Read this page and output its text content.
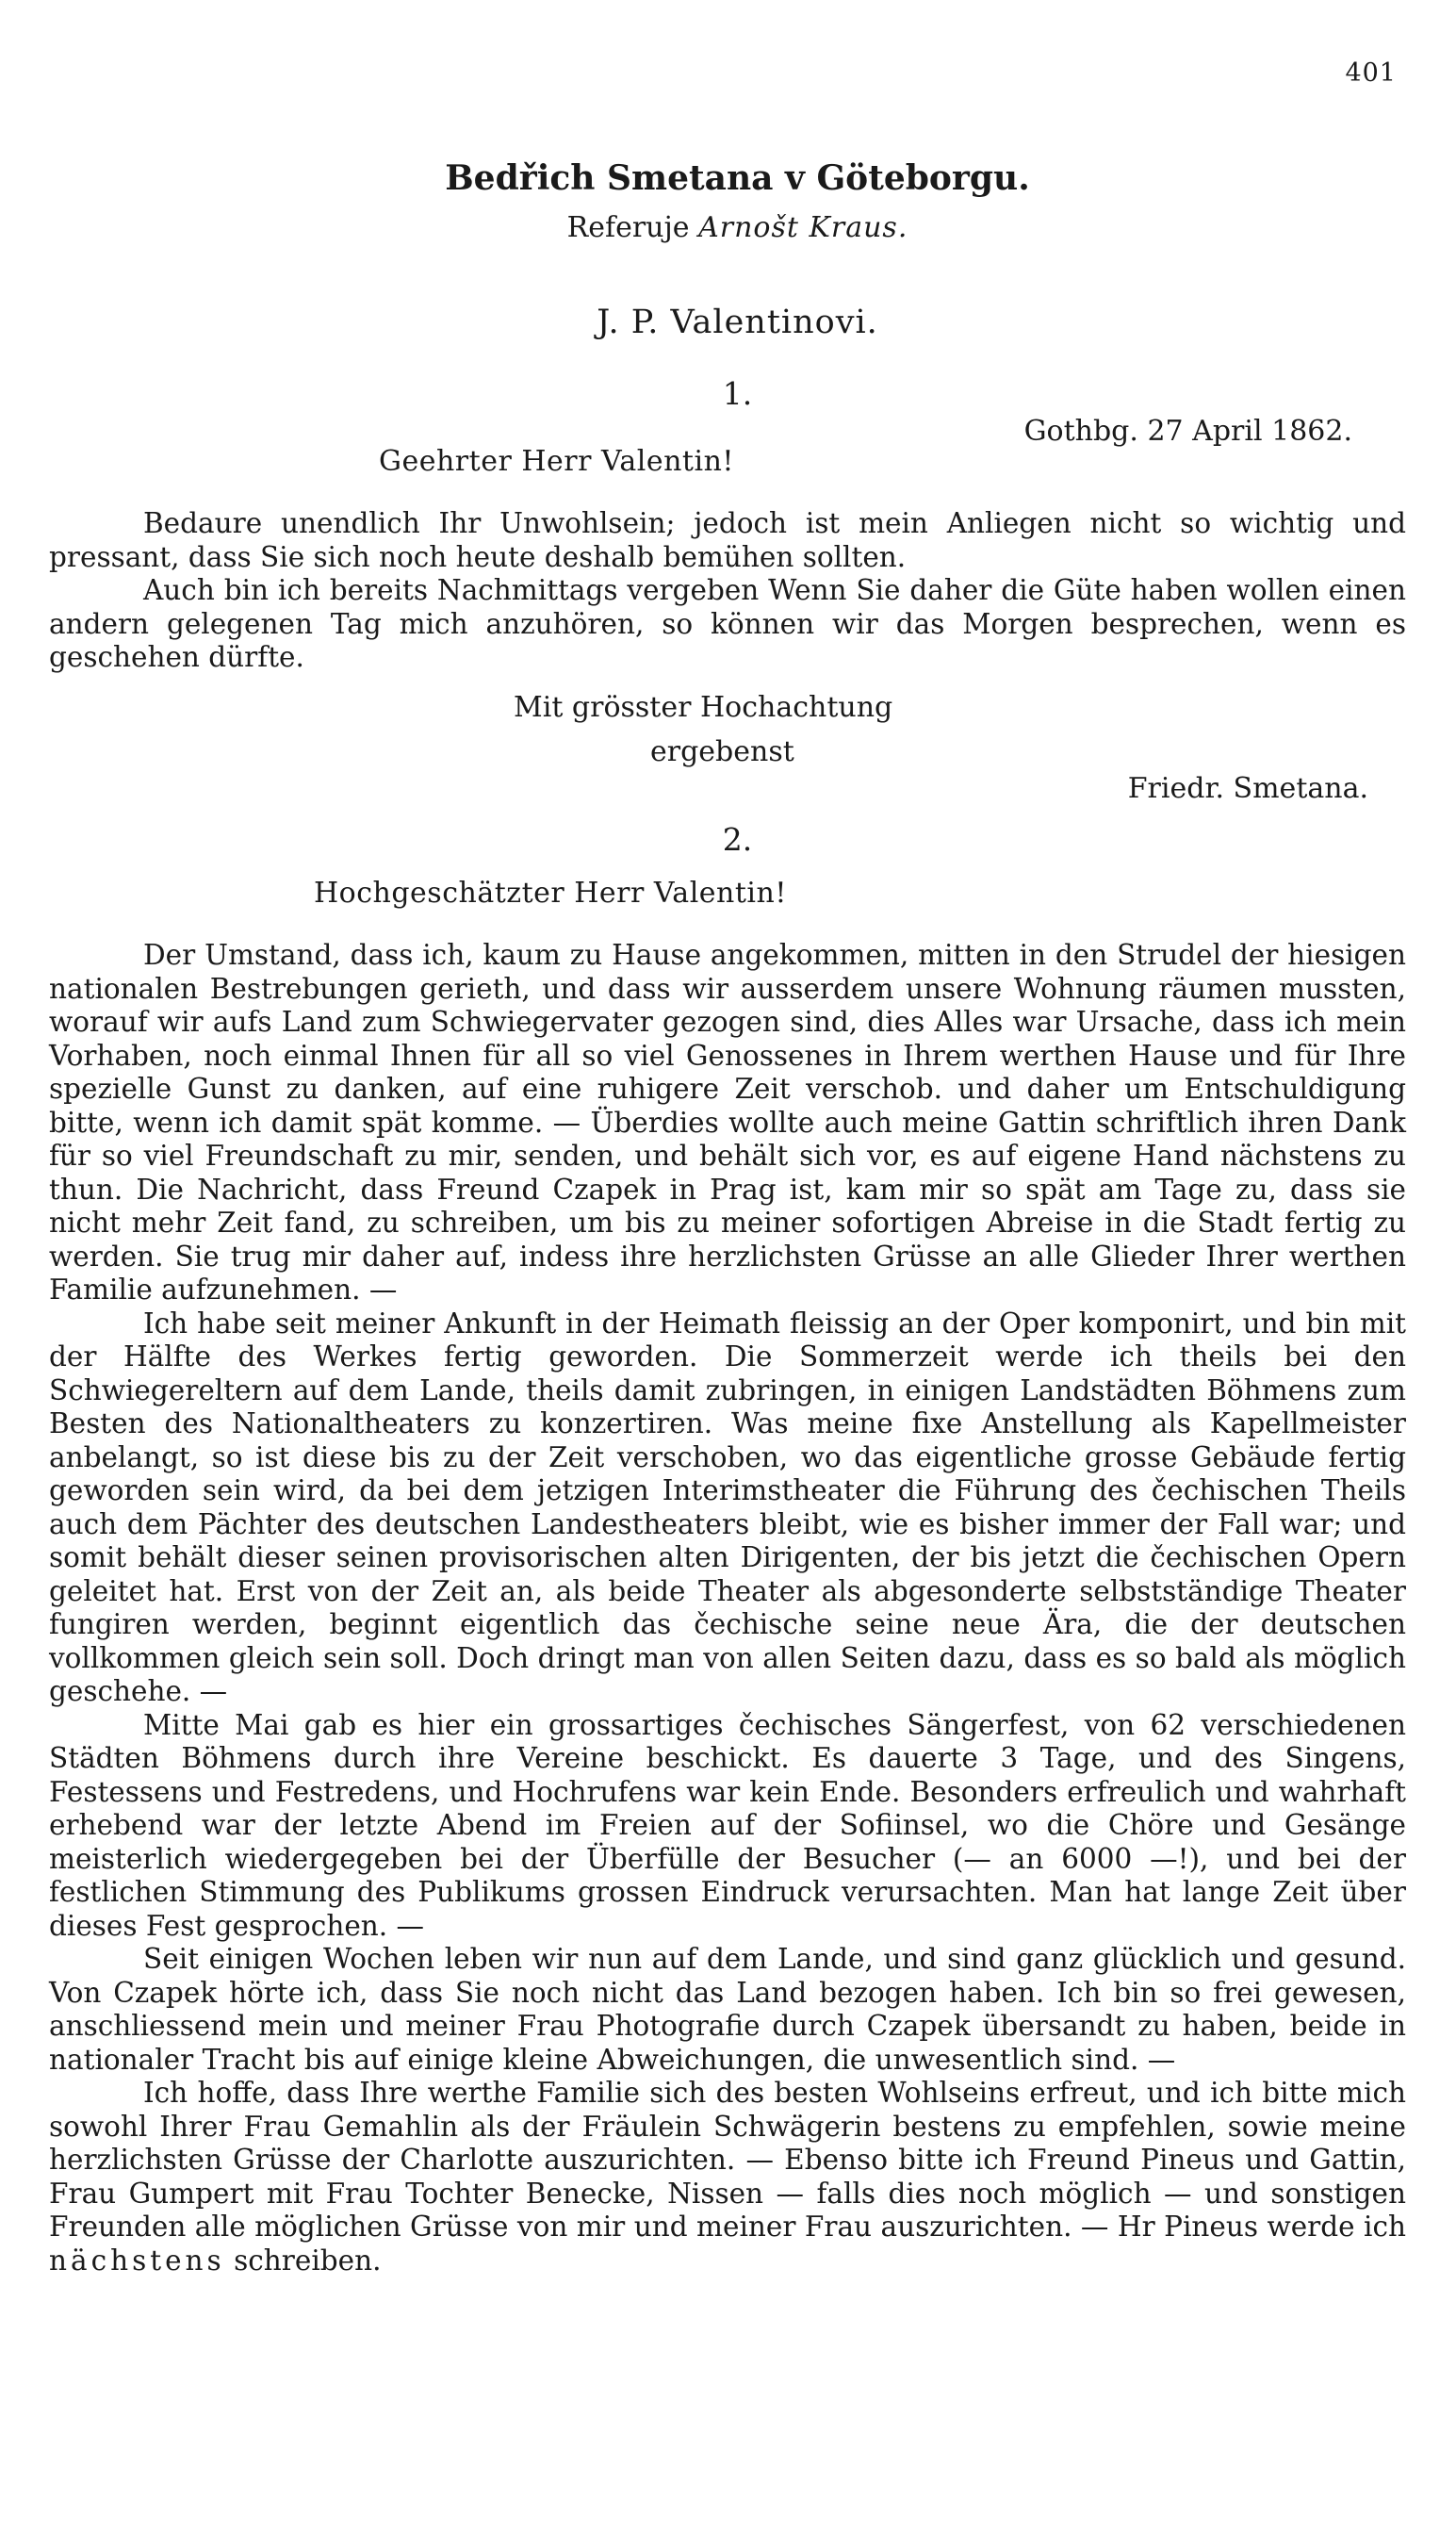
401
Bedřich Smetana v Göteborgu.
Referuje Arnošt Kraus.
J. P. Valentinovi.
1.
Gothbg. 27 April 1862.
Geehrter Herr Valentin!

Bedaure unendlich Ihr Unwohlsein; jedoch ist mein Anliegen nicht so wichtig und pressant, dass Sie sich noch heute deshalb bemühen sollten.

Auch bin ich bereits Nachmittags vergeben Wenn Sie daher die Güte haben wollen einen andern gelegenen Tag mich anzuhören, so können wir das Morgen besprechen, wenn es geschehen dürfte.

Mit grösster Hochachtung
ergebenst
Friedr. Smetana.
2.
Hochgeschätzter Herr Valentin!

Der Umstand, dass ich, kaum zu Hause angekommen, mitten in den Strudel der hiesigen nationalen Bestrebungen gerieth, und dass wir ausserdem unsere Wohnung räumen mussten, worauf wir aufs Land zum Schwiegervater gezogen sind, dies Alles war Ursache, dass ich mein Vorhaben, noch einmal Ihnen für all so viel Genossenes in Ihrem werthen Hause und für Ihre spezielle Gunst zu danken, auf eine ruhigere Zeit verschob. und daher um Entschuldigung bitte, wenn ich damit spät komme. — Überdies wollte auch meine Gattin schriftlich ihren Dank für so viel Freundschaft zu mir, senden, und behält sich vor, es auf eigene Hand nächstens zu thun. Die Nachricht, dass Freund Czapek in Prag ist, kam mir so spät am Tage zu, dass sie nicht mehr Zeit fand, zu schreiben, um bis zu meiner sofortigen Abreise in die Stadt fertig zu werden. Sie trug mir daher auf, indess ihre herzlichsten Grüsse an alle Glieder Ihrer werthen Familie aufzunehmen. —

Ich habe seit meiner Ankunft in der Heimath fleissig an der Oper komponirt, und bin mit der Hälfte des Werkes fertig geworden. Die Sommerzeit werde ich theils bei den Schwiegereltern auf dem Lande, theils damit zubringen, in einigen Landstädten Böhmens zum Besten des Nationaltheaters zu konzertiren. Was meine fixe Anstellung als Kapellmeister anbelangt, so ist diese bis zu der Zeit verschoben, wo das eigentliche grosse Gebäude fertig geworden sein wird, da bei dem jetzigen Interimstheater die Führung des čechischen Theils auch dem Pächter des deutschen Landestheaters bleibt, wie es bisher immer der Fall war; und somit behält dieser seinen provisorischen alten Dirigenten, der bis jetzt die čechischen Opern geleitet hat. Erst von der Zeit an, als beide Theater als abgesonderte selbstständige Theater fungiren werden, beginnt eigentlich das čechische seine neue Ära, die der deutschen vollkommen gleich sein soll. Doch dringt man von allen Seiten dazu, dass es so bald als möglich geschehe. —

Mitte Mai gab es hier ein grossartiges čechisches Sängerfest, von 62 verschiedenen Städten Böhmens durch ihre Vereine beschickt. Es dauerte 3 Tage, und des Singens, Festessens und Festredens, und Hochrufens war kein Ende. Besonders erfreulich und wahrhaft erhebend war der letzte Abend im Freien auf der Sofiinsel, wo die Chöre und Gesänge meisterlich wiedergegeben bei der Überfülle der Besucher (— an 6000 —!), und bei der festlichen Stimmung des Publikums grossen Eindruck verursachten. Man hat lange Zeit über dieses Fest gesprochen. —

Seit einigen Wochen leben wir nun auf dem Lande, und sind ganz glücklich und gesund. Von Czapek hörte ich, dass Sie noch nicht das Land bezogen haben. Ich bin so frei gewesen, anschliessend mein und meiner Frau Photografie durch Czapek übersandt zu haben, beide in nationaler Tracht bis auf einige kleine Abweichungen, die unwesentlich sind. —

Ich hoffe, dass Ihre werthe Familie sich des besten Wohlseins erfreut, und ich bitte mich sowohl Ihrer Frau Gemahlin als der Fräulein Schwägerin bestens zu empfehlen, sowie meine herzlichsten Grüsse der Charlotte auszurichten. — Ebenso bitte ich Freund Pineus und Gattin, Frau Gumpert mit Frau Tochter Benecke, Nissen — falls dies noch möglich — und sonstigen Freunden alle möglichen Grüsse von mir und meiner Frau auszurichten. — Hr Pineus werde ich nächstens schreiben.
